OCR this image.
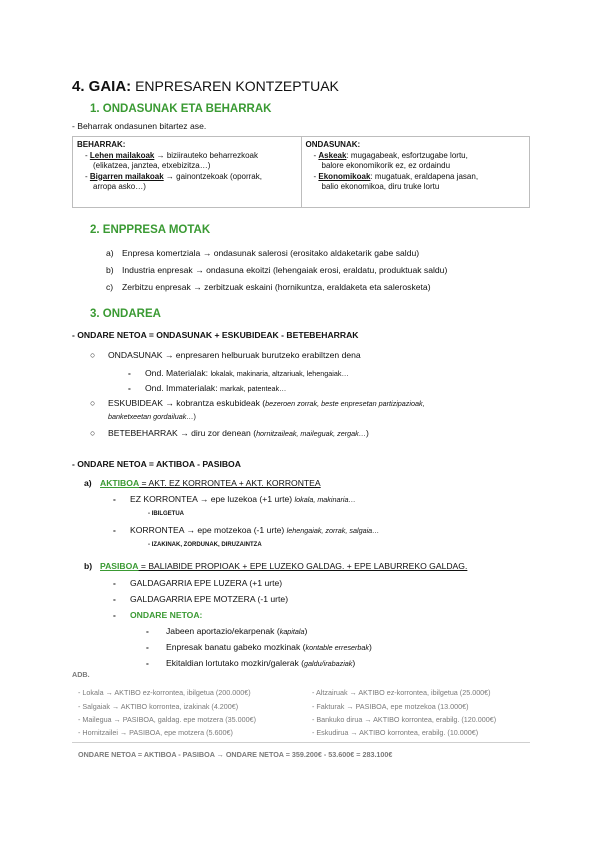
4. GAIA: ENPRESAREN KONTZEPTUAK
1. ONDASUNAK ETA BEHARRAK
- Beharrak ondasunen bitartez ase.
BEHARRAK:
- Lehen mailakoak → biziirauteko beharrezkoak
(elikatzea, janztea, etxebizitza…)
- Bigarren mailakoak → gainontzekoak (oporrak,
arropa asko…)

ONDASUNAK:
- Askeak: mugagabeak, esfortzugabe lortu,
balore ekonomikorik ez, ez ordaindu
- Ekonomikoak: mugatuak, eraldapena jasan,
balio ekonomikoa, diru truke lortu
2. ENPPRESA MOTAK
a) Enpresa komertziala → ondasunak salerosi (erositako aldaketarik gabe saldu)
b) Industria enpresak → ondasuna ekoitzi (lehengaiak erosi, eraldatu, produktuak saldu)
c) Zerbitzu enpresak → zerbitzuak eskaini (hornikuntza, eraldaketa eta salerosketa)
3. ONDAREA
- ONDARE NETOA = ONDASUNAK + ESKUBIDEAK - BETEBEHARRAK
○ ONDASUNAK → enpresaren helburuak burutzeko erabiltzen dena
- Ond. Materialak: lokalak, makinaria, altzariuak, lehengaiak…
- Ond. Immaterialak: markak, patenteak…
○ ESKUBIDEAK → kobrantza eskubideak (bezeroen zorrak, beste enpresetan partizipazioak,
banketxeetan gordailuak…)
○ BETEBEHARRAK → diru zor denean (hornitzaileak, maileguak, zergak…)
- ONDARE NETOA = AKTIBOA - PASIBOA
a) AKTIBOA = AKT. EZ KORRONTEA + AKT. KORRONTEA
- EZ KORRONTEA → epe luzekoa (+1 urte) lokala, makinaria…
- IBILGETUA
- KORRONTEA → epe motzekoa (-1 urte) lehengaiak, zorrak, salgaia…
- IZAKINAK, ZORDUNAK, DIRUZAINTZA
b) PASIBOA = BALIABIDE PROPIOAK + EPE LUZEKO GALDAG. + EPE LABURREKO GALDAG.
- GALDAGARRIA EPE LUZERA (+1 urte)
- GALDAGARRIA EPE MOTZERA (-1 urte)
- ONDARE NETOA:
- Jabeen aportazio/ekarpenak (kapitala)
- Enpresak banatu gabeko mozkinak (kontable erreserbak)
- Ekitaldian lortutako mozkin/galerak (galdu/irabaziak)
ADB.
- Lokala → AKTIBO ez-korrontea, ibilgetua (200.000€)
- Salgaiak → AKTIBO korrontea, izakinak (4.200€)
- Mailegua → PASIBOA, galdag. epe motzera (35.000€)
- Hornitzailei → PASIBOA, epe motzera (5.600€)
- Altzairuak → AKTIBO ez-korrontea, ibilgetua (25.000€)
- Fakturak → PASIBOA, epe motzekoa (13.000€)
- Bankuko dirua → AKTIBO korrontea, erabilg. (120.000€)
- Eskudirua → AKTIBO korrontea, erabilg. (10.000€)
ONDARE NETOA = AKTIBOA - PASIBOA → ONDARE NETOA = 359.200€ - 53.600€ = 283.100€
